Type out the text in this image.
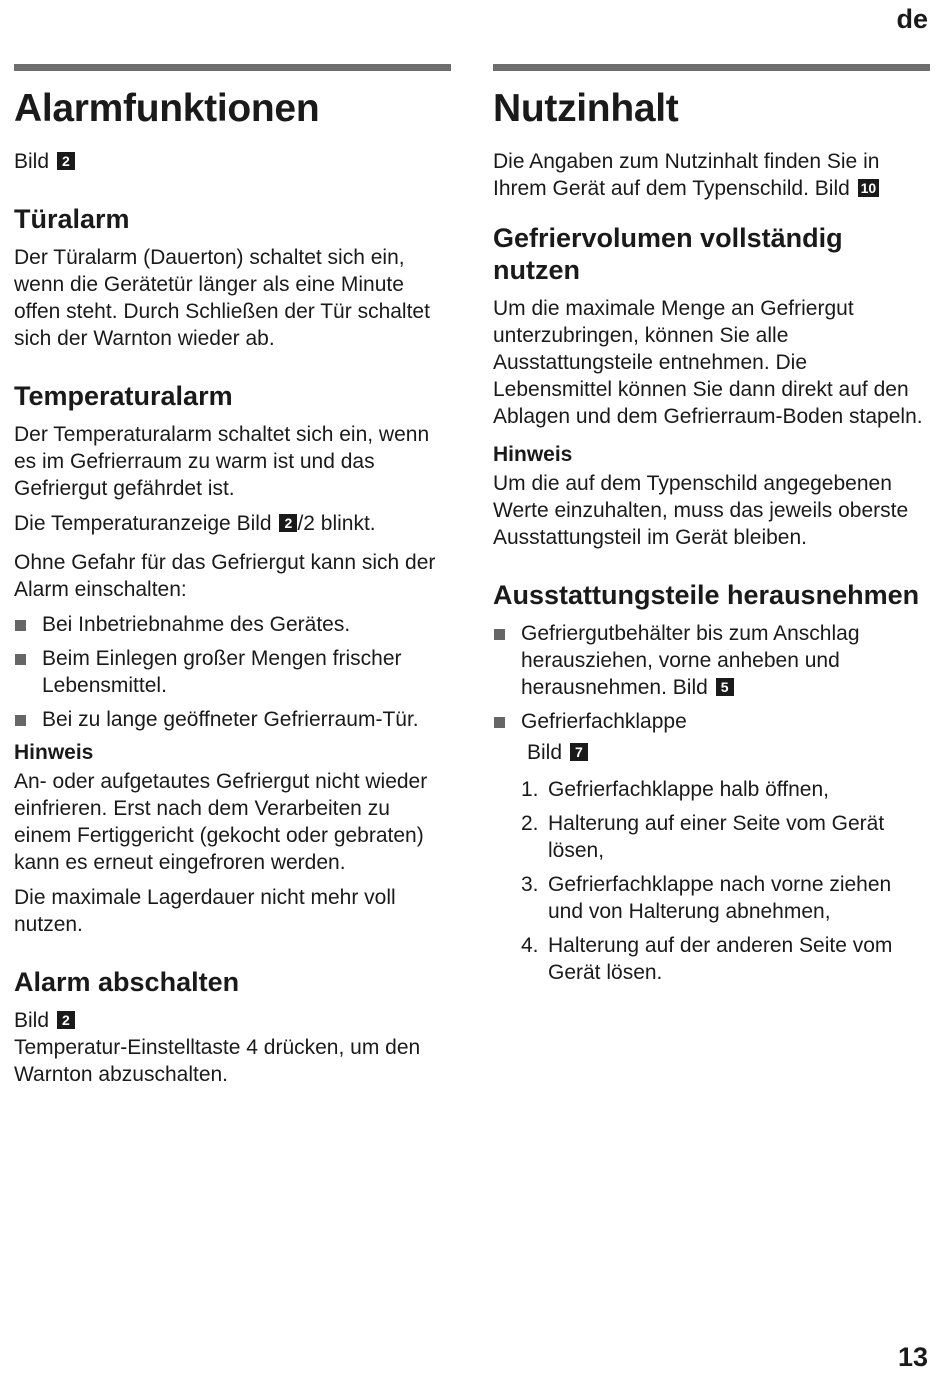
de
Alarmfunktionen

Bild 2

Türalarm

Der Türalarm (Dauerton) schaltet sich ein, wenn die Gerätetür länger als eine Minute offen steht. Durch Schließen der Tür schaltet sich der Warnton wieder ab.

Temperaturalarm

Der Temperaturalarm schaltet sich ein, wenn es im Gefrierraum zu warm ist und das Gefriergut gefährdet ist.

Die Temperaturanzeige Bild 2 /2 blinkt.

Ohne Gefahr für das Gefriergut kann sich der Alarm einschalten:

Bei Inbetriebnahme des Gerätes.
Beim Einlegen großer Mengen frischer Lebensmittel.
Bei zu lange geöffneter Gefrierraum-Tür.
Hinweis

An- oder aufgetautes Gefriergut nicht wieder einfrieren. Erst nach dem Verarbeiten zu einem Fertiggericht (gekocht oder gebraten) kann es erneut eingefroren werden.

Die maximale Lagerdauer nicht mehr voll nutzen.

Alarm abschalten

Bild 2

Temperatur-Einstelltaste 4 drücken, um den Warnton abzuschalten.

Nutzinhalt

Die Angaben zum Nutzinhalt finden Sie in Ihrem Gerät auf dem Typenschild. Bild 10

Gefriervolumen vollständig nutzen

Um die maximale Menge an Gefriergut unterzubringen, können Sie alle Ausstattungsteile entnehmen. Die Lebensmittel können Sie dann direkt auf den Ablagen und dem Gefrierraum-Boden stapeln.

Hinweis

Um die auf dem Typenschild angegebenen Werte einzuhalten, muss das jeweils oberste Ausstattungsteil im Gerät bleiben.

Ausstattungsteile herausnehmen
Gefriergutbehälter bis zum Anschlag herausziehen, vorne anheben und herausnehmen. Bild 5
Gefrierfachklappe

Bild 7

1. Gefrierfachklappe halb öffnen,
2. Halterung auf einer Seite vom Gerät lösen,
3. Gefrierfachklappe nach vorne ziehen und von Halterung abnehmen,
4. Halterung auf der anderen Seite vom Gerät lösen.
13
